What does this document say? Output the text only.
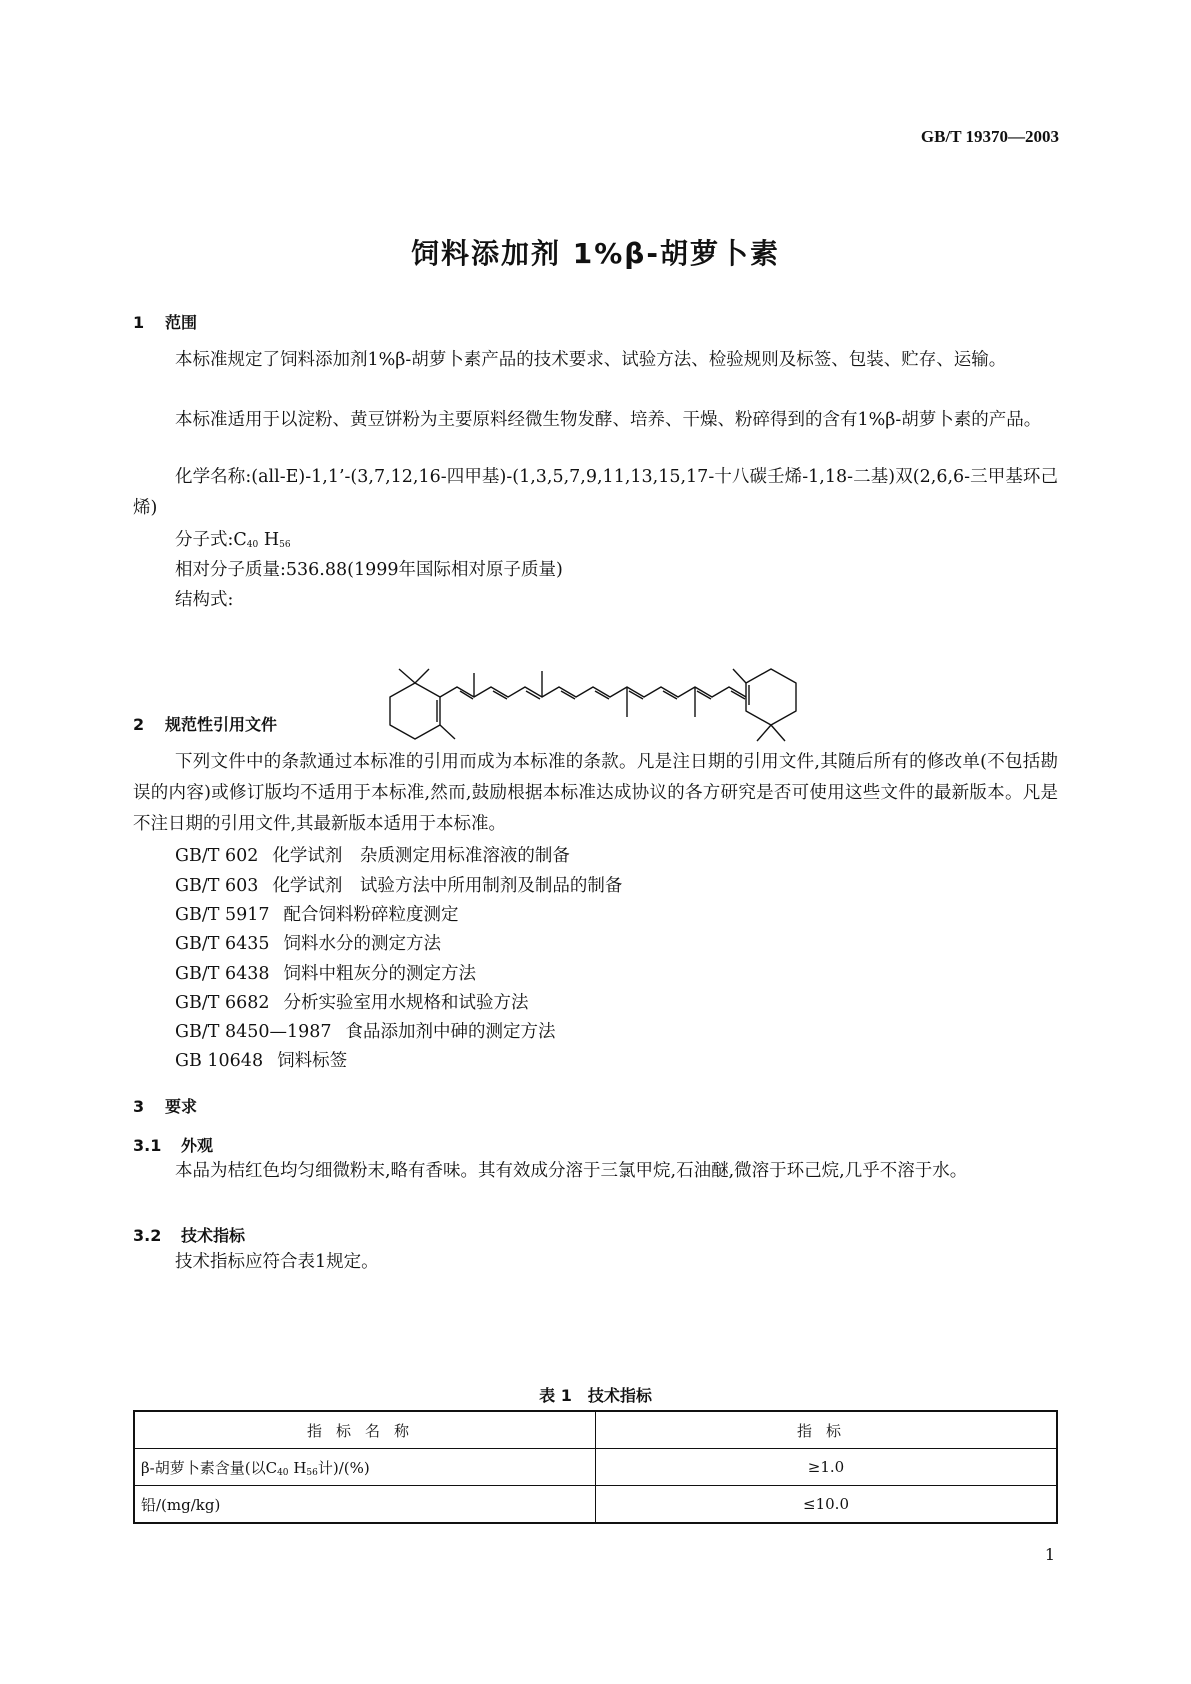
GB/T 19370—2003
饲料添加剂 1%β-胡萝卜素
1 范围
本标准规定了饲料添加剂1%β-胡萝卜素产品的技术要求、试验方法、检验规则及标签、包装、贮存、运输。
本标准适用于以淀粉、黄豆饼粉为主要原料经微生物发酵、培养、干燥、粉碎得到的含有1%β-胡萝卜素的产品。
化学名称:(all-E)-1,1’-(3,7,12,16-四甲基)-(1,3,5,7,9,11,13,15,17-十八碳壬烯-1,18-二基)双(2,6,6-三甲基环己烯)
分子式$:C_{40}$ $H_{56}$
相对分子质量:536.88(1999年国际相对原子质量)
结构式:
2 规范性引用文件
下列文件中的条款通过本标准的引用而成为本标准的条款。凡是注日期的引用文件,其随后所有的修改单(不包括勘误的内容)或修订版均不适用于本标准,然而,鼓励根据本标准达成协议的各方研究是否可使用这些文件的最新版本。凡是不注日期的引用文件,其最新版本适用于本标准。
GB/T 602 化学试剂　杂质测定用标准溶液的制备
GB/T 603 化学试剂　试验方法中所用制剂及制品的制备
GB/T 5917 配合饲料粉碎粒度测定
GB/T 6435 饲料水分的测定方法
GB/T 6438 饲料中粗灰分的测定方法
GB/T 6682 分析实验室用水规格和试验方法
GB/T 8450—1987 食品添加剂中砷的测定方法
GB 10648 饲料标签
3 要求
3.1 外观
本品为桔红色均匀细微粉末,略有香味。其有效成分溶于三氯甲烷,石油醚,微溶于环己烷,几乎不溶于水。
3.2 技术指标
技术指标应符合表1规定。
表 1　技术指标
指标名称	指标
β-胡萝卜素含量(以$C_{40}$ $H_{56}$计)/(%)	≥1.0
铅/(mg/kg)	≤10.0
1
